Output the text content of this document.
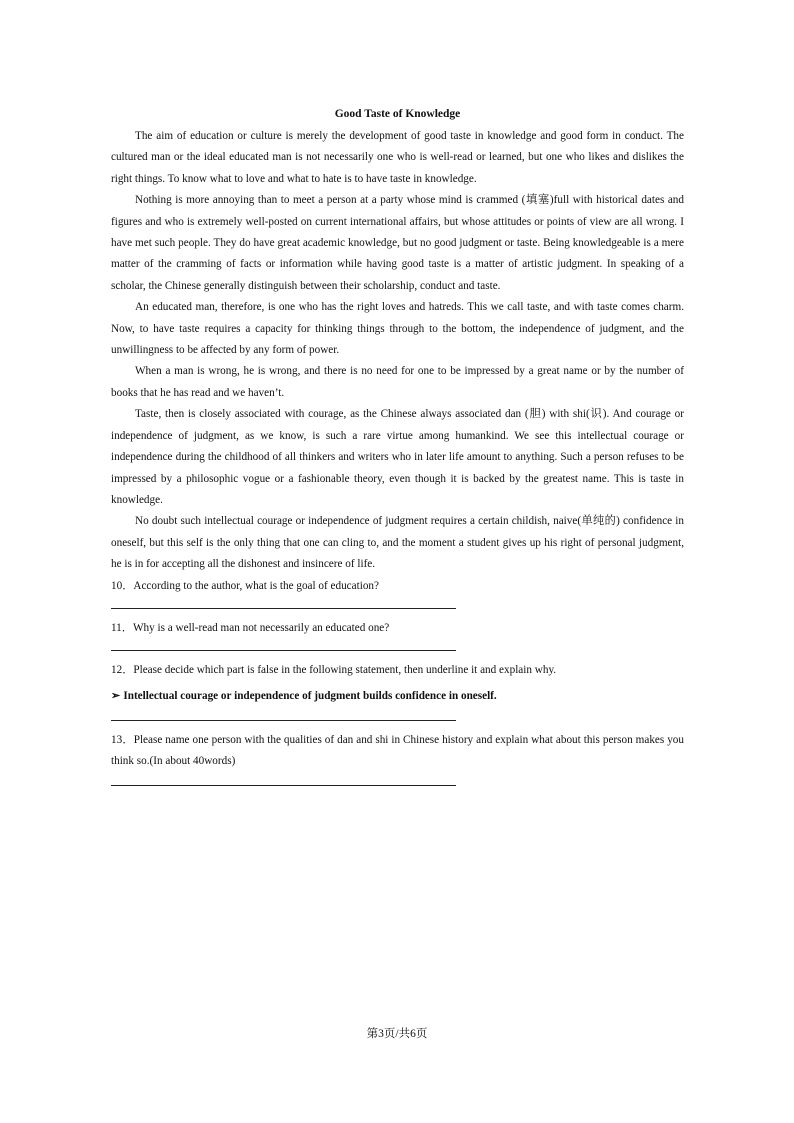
Good Taste of Knowledge

The aim of education or culture is merely the development of good taste in knowledge and good form in conduct. The cultured man or the ideal educated man is not necessarily one who is well-read or learned, but one who likes and dislikes the right things. To know what to love and what to hate is to have taste in knowledge.

Nothing is more annoying than to meet a person at a party whose mind is crammed (填塞)full with historical dates and figures and who is extremely well-posted on current international affairs, but whose attitudes or points of view are all wrong. I have met such people. They do have great academic knowledge, but no good judgment or taste. Being knowledgeable is a mere matter of the cramming of facts or information while having good taste is a matter of artistic judgment. In speaking of a scholar, the Chinese generally distinguish between their scholarship, conduct and taste.

An educated man, therefore, is one who has the right loves and hatreds. This we call taste, and with taste comes charm. Now, to have taste requires a capacity for thinking things through to the bottom, the independence of judgment, and the unwillingness to be affected by any form of power.

When a man is wrong, he is wrong, and there is no need for one to be impressed by a great name or by the number of books that he has read and we haven’t.

Taste, then is closely associated with courage, as the Chinese always associated dan (胆) with shi(识). And courage or independence of judgment, as we know, is such a rare virtue among humankind. We see this intellectual courage or independence during the childhood of all thinkers and writers who in later life amount to anything. Such a person refuses to be impressed by a philosophic vogue or a fashionable theory, even though it is backed by the greatest name. This is taste in knowledge.

No doubt such intellectual courage or independence of judgment requires a certain childish, naive(单纯的) confidence in oneself, but this self is the only thing that one can cling to, and the moment a student gives up his right of personal judgment, he is in for accepting all the dishonest and insincere of life.

10．According to the author, what is the goal of education?

11．Why is a well-read man not necessarily an educated one?

12．Please decide which part is false in the following statement, then underline it and explain why.

➢ Intellectual courage or independence of judgment builds confidence in oneself.

13．Please name one person with the qualities of dan and shi in Chinese history and explain what about this person makes you think so.(In about 40words)

第3页/共6页
